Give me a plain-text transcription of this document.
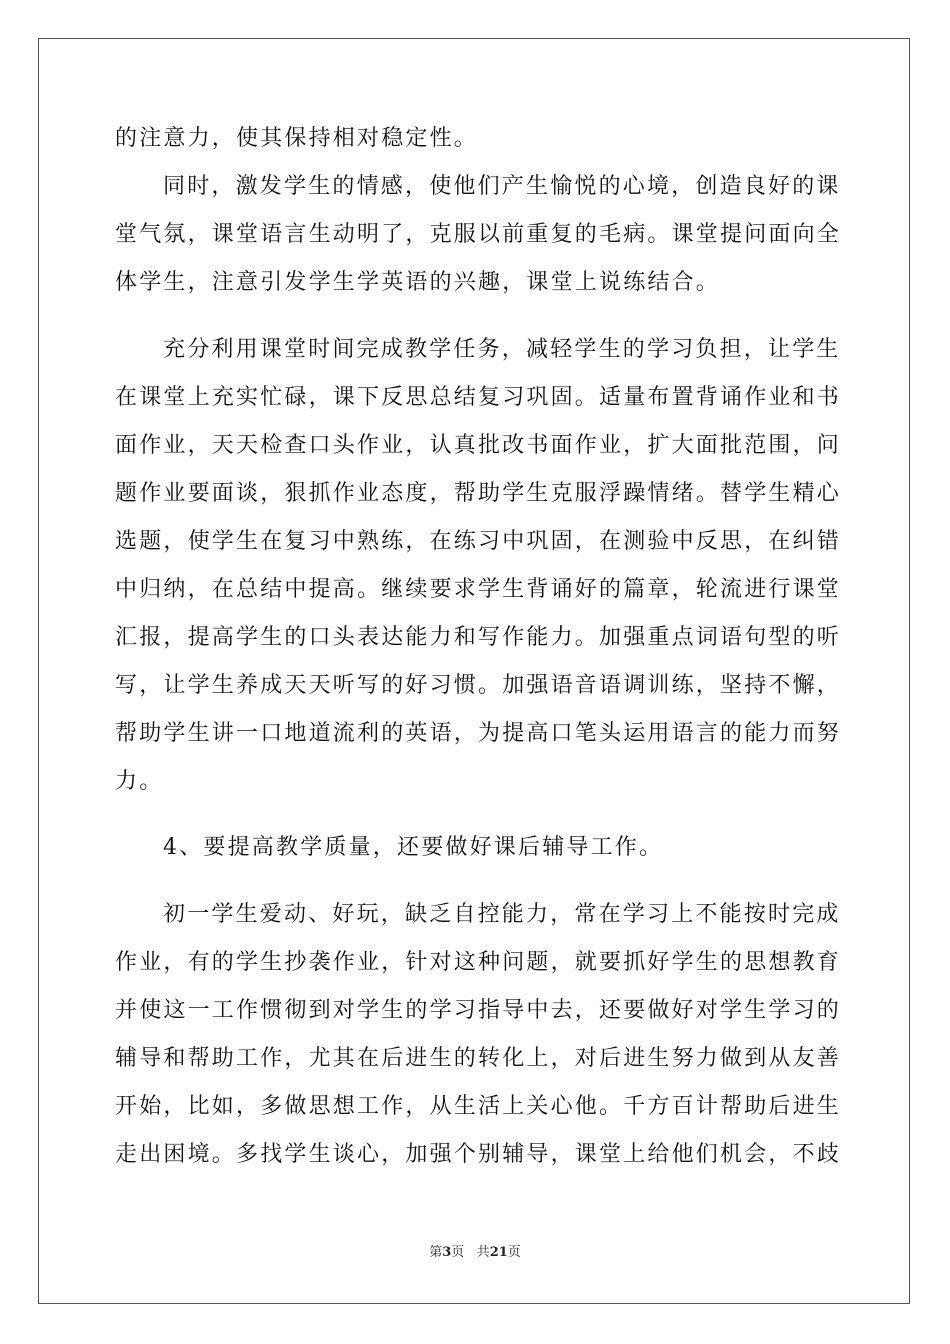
的注意力，使其保持相对稳定性。
同时，激发学生的情感，使他们产生愉悦的心境，创造良好的课
堂气氛，课堂语言生动明了，克服以前重复的毛病。课堂提问面向全
体学生，注意引发学生学英语的兴趣，课堂上说练结合。
充分利用课堂时间完成教学任务，减轻学生的学习负担，让学生
在课堂上充实忙碌，课下反思总结复习巩固。适量布置背诵作业和书
面作业，天天检查口头作业，认真批改书面作业，扩大面批范围，问
题作业要面谈，狠抓作业态度，帮助学生克服浮躁情绪。替学生精心
选题，使学生在复习中熟练，在练习中巩固，在测验中反思，在纠错
中归纳，在总结中提高。继续要求学生背诵好的篇章，轮流进行课堂
汇报，提高学生的口头表达能力和写作能力。加强重点词语句型的听
写，让学生养成天天听写的好习惯。加强语音语调训练，坚持不懈，
帮助学生讲一口地道流利的英语，为提高口笔头运用语言的能力而努
力。
4、要提高教学质量，还要做好课后辅导工作。
初一学生爱动、好玩，缺乏自控能力，常在学习上不能按时完成
作业，有的学生抄袭作业，针对这种问题，就要抓好学生的思想教育
并使这一工作惯彻到对学生的学习指导中去，还要做好对学生学习的
辅导和帮助工作，尤其在后进生的转化上，对后进生努力做到从友善
开始，比如，多做思想工作，从生活上关心他。千方百计帮助后进生
走出困境。多找学生谈心，加强个别辅导，课堂上给他们机会，不歧
第3页 共21页
